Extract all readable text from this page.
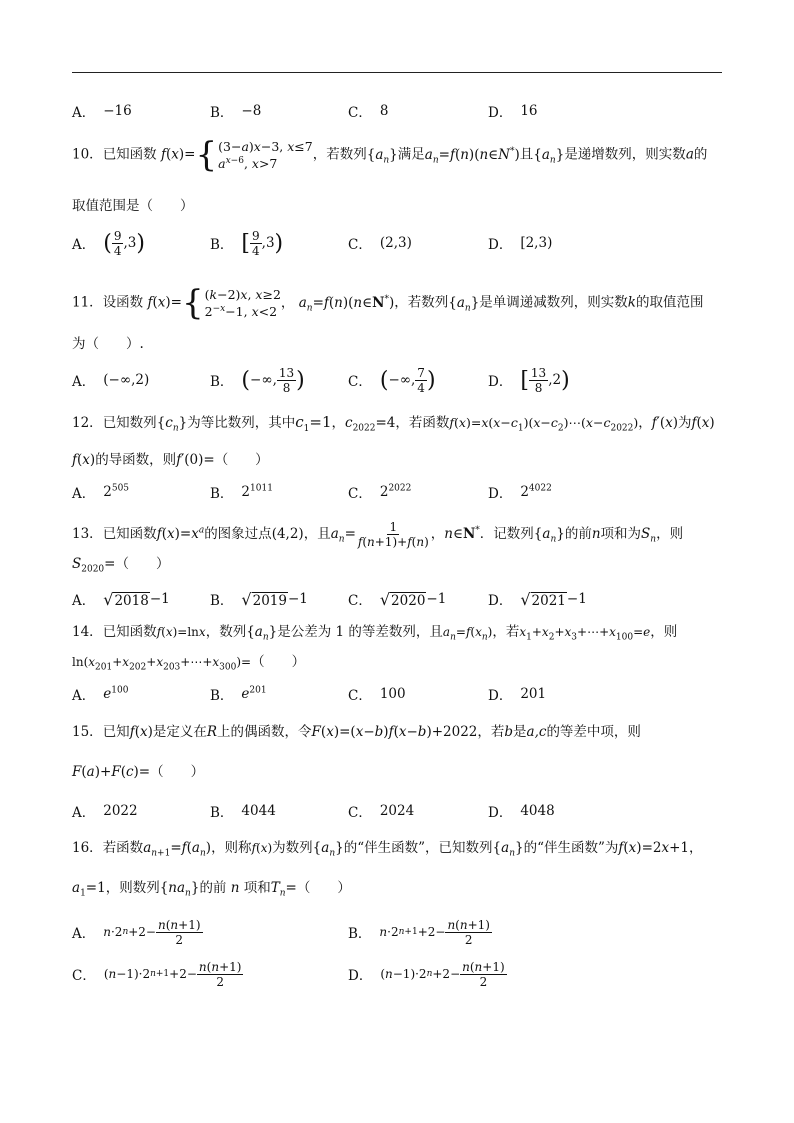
A． −16	B． −8	C． 8	D． 16
10．已知函数 f(x)= { (3−a)x−3, x≤7
$a^{x-6}$, x>7
，若数列$\{a_n\}$满足$a_n=f(n)(n\in N^*)$且$\{a_n\}$是递增数列，则实数a的
取值范围是（　　）
A． ( $\frac{9}{4} ,3$ )	B． [ $\frac{9}{4} ,3$ )	C． (2,3)	D． [2,3)
11．设函数 f(x)= { (k−2)x, x≥2
$2^{-x}-1$, x<2
， $a_n=f(n)(n\in N^*)$，若数列$\{a_n\}$是单调递减数列，则实数k的取值范围
为（　　）.
A． (−∞,2)	B． ( −∞, $\frac{13}{8}$ )	C． ( −∞, $\frac{7}{4}$ )	D． [ $\frac{13}{8} ,2$ )
12．已知数列$\{c_n\}$为等比数列，其中$c_1=1$，$c_{2022}=4$，若函数$f(x)=x(x-c_1)(x-c_2)\cdots(x-c_{2022})$，f′(x)为f(x)
f(x)的导函数，则f′(0)=（　　）
A． $2^{505}$	B． $2^{1011}$	C． $2^{2022}$	D． $2^{4022}$
13．已知函数$f(x)=x^a$的图象过点(4,2)，且$a_n= \frac{1}{f(n+1)+f(n)}$ ，n∈N*．记数列$\{a_n\}$的前n项和为$S_n$，则
$S_{2020}=$（　　）
A． √ 2018 −1	B． √ 2019 −1	C． √ 2020 −1	D． √ 2021 −1
14．已知函数f(x)=lnx，数列$\{a_n\}$是公差为 1 的等差数列，且$a_n=f(x_n)$，若$x_1+x_2+x_3+\cdots+x_{100}=e$，则
$\ln(x_{201}+x_{202}+x_{203}+\cdots+x_{300})=$（　　）
A． $e^{100}$	B． $e^{201}$	C． 100	D． 201
15．已知f(x)是定义在R上的偶函数，令F(x)=(x−b)f(x−b)+2022，若b是a,c的等差中项，则
F(a)+F(c)=（　　）
A． 2022	B． 4044	C． 2024	D． 4048
16．若函数$a_{n+1}=f(a_n)$，则称f(x)为数列$\{a_n\}$的“伴生函数”，已知数列$\{a_n\}$的“伴生函数”为f(x)=2x+1，
$a_1=1$，则数列$\{na_n\}$的前 n 项和$T_n=$（　　）
A． n ·2 $n +2- \frac{n(n+1)}{2}$	B． n ·2 $n+1 +2- \frac{n(n+1)}{2}$
C． ( n −1)·2 $n+1 +2- \frac{n(n+1)}{2}$	D． ( n −1)·2 $n +2- \frac{n(n+1)}{2}$
